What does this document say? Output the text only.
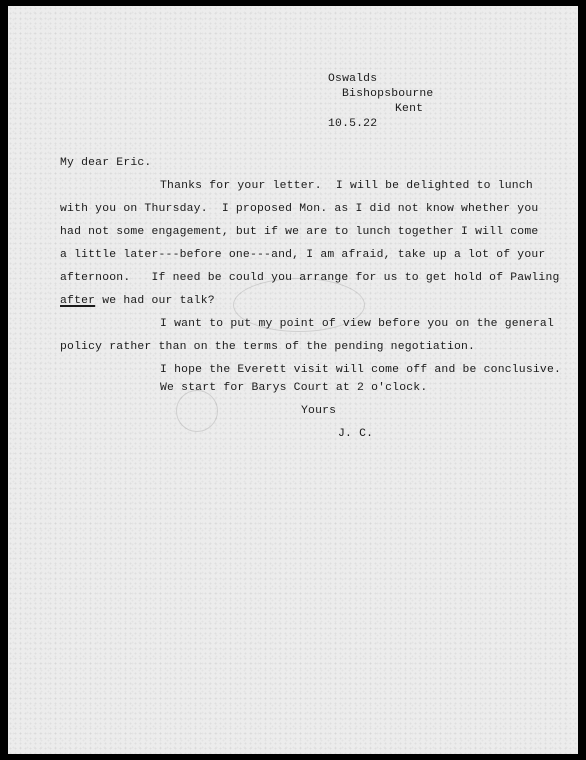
Oswalds
Bishopsbourne
Kent
10.5.22
My dear Eric.
Thanks for your letter.  I will be delighted to lunch
with you on Thursday.  I proposed Mon. as I did not know whether you
had not some engagement, but if we are to lunch together I will come
a little later---before one---and, I am afraid, take up a lot of your
afternoon.   If need be could you arrange for us to get hold of Pawling
after we had our talk?
I want to put my point of view before you on the general
policy rather than on the terms of the pending negotiation.
I hope the Everett visit will come off and be conclusive.
We start for Barys Court at 2 o'clock.
Yours
J. C.
